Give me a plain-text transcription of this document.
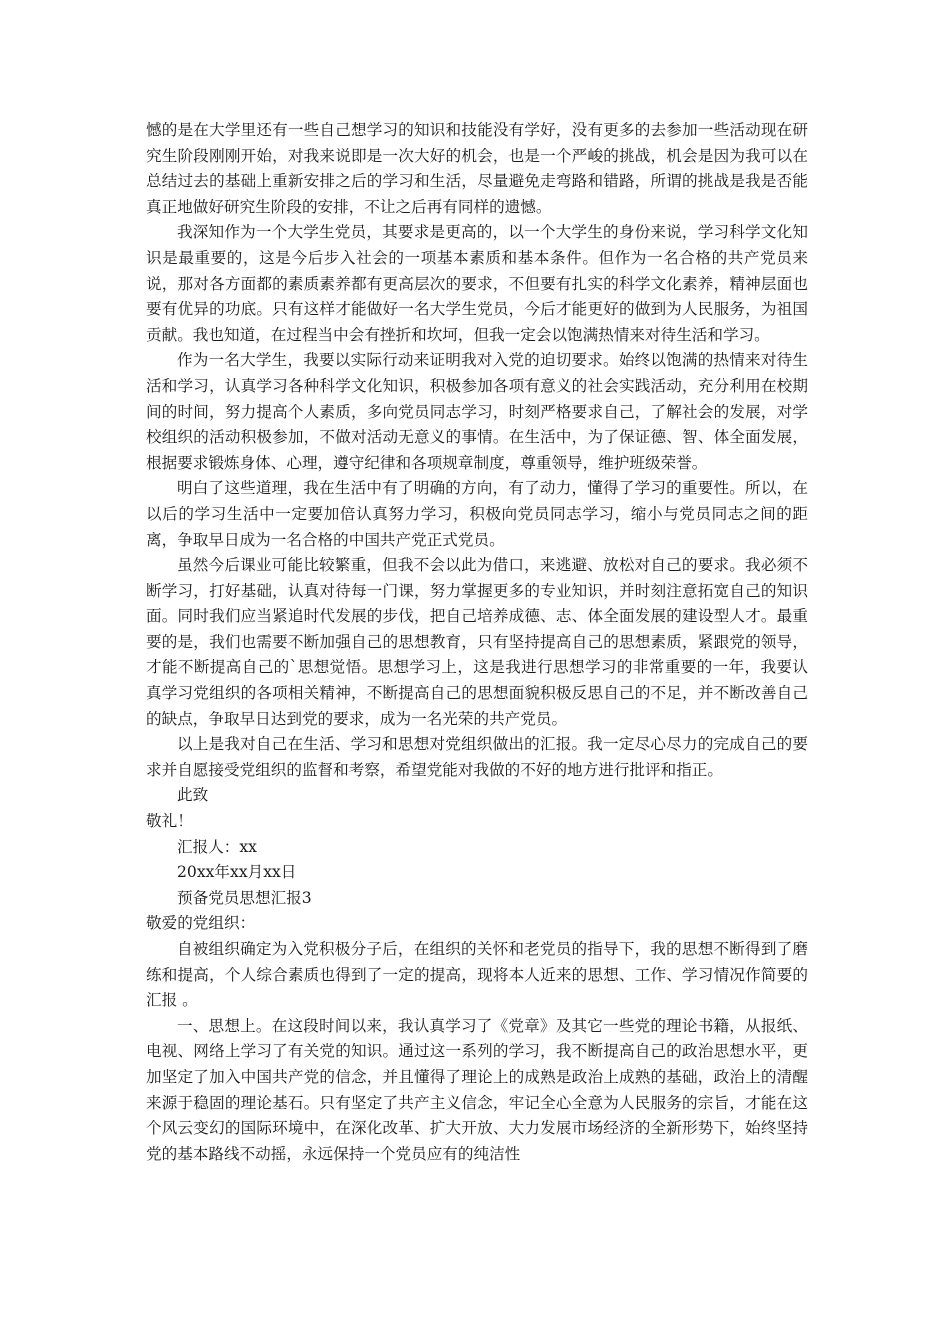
憾的是在大学里还有一些自己想学习的知识和技能没有学好，没有更多的去参加一些活动现在研究生阶段刚刚开始，对我来说即是一次大好的机会，也是一个严峻的挑战，机会是因为我可以在总结过去的基础上重新安排之后的学习和生活，尽量避免走弯路和错路，所谓的挑战是我是否能真正地做好研究生阶段的安排，不让之后再有同样的遗憾。

我深知作为一个大学生党员，其要求是更高的，以一个大学生的身份来说，学习科学文化知识是最重要的，这是今后步入社会的一项基本素质和基本条件。但作为一名合格的共产党员来说，那对各方面都的素质素养都有更高层次的要求，不但要有扎实的科学文化素养，精神层面也要有优异的功底。只有这样才能做好一名大学生党员，今后才能更好的做到为人民服务，为祖国贡献。我也知道，在过程当中会有挫折和坎坷，但我一定会以饱满热情来对待生活和学习。

作为一名大学生，我要以实际行动来证明我对入党的迫切要求。始终以饱满的热情来对待生活和学习，认真学习各种科学文化知识，积极参加各项有意义的社会实践活动，充分利用在校期间的时间，努力提高个人素质，多向党员同志学习，时刻严格要求自己，了解社会的发展，对学校组织的活动积极参加，不做对活动无意义的事情。在生活中，为了保证德、智、体全面发展，根据要求锻炼身体、心理，遵守纪律和各项规章制度，尊重领导，维护班级荣誉。

明白了这些道理，我在生活中有了明确的方向，有了动力，懂得了学习的重要性。所以，在以后的学习生活中一定要加倍认真努力学习，积极向党员同志学习，缩小与党员同志之间的距离，争取早日成为一名合格的中国共产党正式党员。

虽然今后课业可能比较繁重，但我不会以此为借口，来逃避、放松对自己的要求。我必须不断学习，打好基础，认真对待每一门课，努力掌握更多的专业知识，并时刻注意拓宽自己的知识面。同时我们应当紧追时代发展的步伐，把自己培养成德、志、体全面发展的建设型人才。最重要的是，我们也需要不断加强自己的思想教育，只有坚持提高自己的思想素质，紧跟党的领导，才能不断提高自己的`思想觉悟。思想学习上，这是我进行思想学习的非常重要的一年，我要认真学习党组织的各项相关精神，不断提高自己的思想面貌积极反思自己的不足，并不断改善自己的缺点，争取早日达到党的要求，成为一名光荣的共产党员。

以上是我对自己在生活、学习和思想对党组织做出的汇报。我一定尽心尽力的完成自己的要求并自愿接受党组织的监督和考察，希望党能对我做的不好的地方进行批评和指正。

此致

敬礼！

汇报人：xx

20xx年xx月xx日

预备党员思想汇报3

敬爱的党组织：

自被组织确定为入党积极分子后，在组织的关怀和老党员的指导下，我的思想不断得到了磨练和提高，个人综合素质也得到了一定的提高，现将本人近来的思想、工作、学习情况作简要的汇报 。

一、思想上。在这段时间以来，我认真学习了《党章》及其它一些党的理论书籍，从报纸、电视、网络上学习了有关党的知识。通过这一系列的学习，我不断提高自己的政治思想水平，更加坚定了加入中国共产党的信念，并且懂得了理论上的成熟是政治上成熟的基础，政治上的清醒来源于稳固的理论基石。只有坚定了共产主义信念，牢记全心全意为人民服务的宗旨，才能在这个风云变幻的国际环境中，在深化改革、扩大开放、大力发展市场经济的全新形势下，始终坚持党的基本路线不动摇，永远保持一个党员应有的纯洁性
